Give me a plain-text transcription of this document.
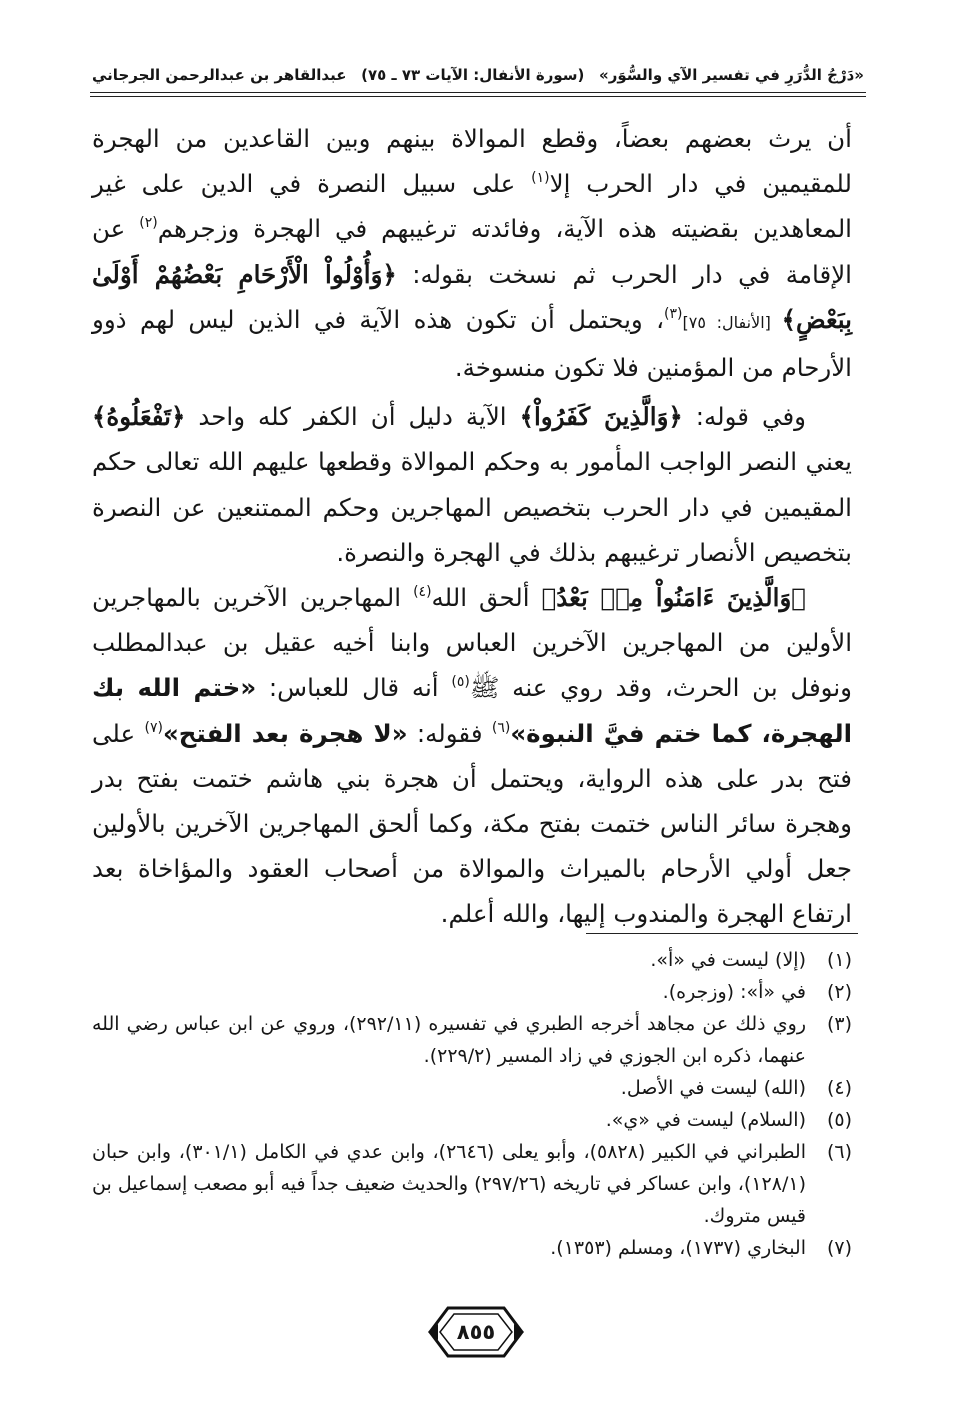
«دَرْجُ الدُّرَرِ في تفسير الآي والسُّوَر»
(سورة الأنفال: الآيات ٧٣ ـ ٧٥)
عبدالقاهر بن عبدالرحمن الجرجاني

أن يرث بعضهم بعضاً، وقطع الموالاة بينهم وبين القاعدين من الهجرة للمقيمين في دار الحرب إلا$^{(١)}$ على سبيل النصرة في الدين على غير المعاهدين بقضيته هذه الآية، وفائدته ترغيبهم في الهجرة وزجرهم$^{(٢)}$ عن الإقامة في دار الحرب ثم نسخت بقوله: ﴿وَأُوْلُواْ الْأَرْحَامِ بَعْضُهُمْ أَوْلَىٰ بِبَعْضٍ﴾ [الأنفال: ٧٥]$^{(٣)}$، ويحتمل أن تكون هذه الآية في الذين ليس لهم ذوو الأرحام من المؤمنين فلا تكون منسوخة.

وفي قوله: ﴿وَالَّذِينَ كَفَرُواْ﴾ الآية دليل أن الكفر كله واحد ﴿تَفْعَلُوهُ﴾ يعني النصر الواجب المأمور به وحكم الموالاة وقطعها عليهم الله تعالى حكم المقيمين في دار الحرب بتخصيص المهاجرين وحكم الممتنعين عن النصرة بتخصيص الأنصار ترغيبهم بذلك في الهجرة والنصرة.

﴿وَالَّذِينَ ءَامَنُواْ مِنۢ بَعْدُ﴾ ألحق الله$^{(٤)}$ المهاجرين الآخرين بالمهاجرين الأولين من المهاجرين الآخرين العباس وابنا أخيه عقيل بن عبدالمطلب ونوفل بن الحرث، وقد روي عنه ﷺ$^{(٥)}$ أنه قال للعباس: «ختم الله بك الهجرة، كما ختم فيَّ النبوة»$^{(٦)}$ فقوله: «لا هجرة بعد الفتح»$^{(٧)}$ على فتح بدر على هذه الرواية، ويحتمل أن هجرة بني هاشم ختمت بفتح بدر وهجرة سائر الناس ختمت بفتح مكة، وكما ألحق المهاجرين الآخرين بالأولين جعل أولي الأرحام بالميراث والموالاة من أصحاب العقود والمؤاخاة بعد ارتفاع الهجرة والمندوب إليها، والله أعلم.

(١)
(إلا) ليست في «أ».
(٢)
في «أ»: (وزجره).
(٣)
روي ذلك عن مجاهد أخرجه الطبري في تفسيره (٢٩٢/١١)، وروي عن ابن عباس رضي الله عنهما، ذكره ابن الجوزي في زاد المسير (٢٢٩/٢).
(٤)
(الله) ليست في الأصل.
(٥)
(السلام) ليست في «ي».
(٦)
الطبراني في الكبير (٥٨٢٨)، وأبو يعلى (٢٦٤٦)، وابن عدي في الكامل (٣٠١/١)، وابن حبان (١٢٨/١)، وابن عساكر في تاريخه (٢٩٧/٢٦) والحديث ضعيف جداً فيه أبو مصعب إسماعيل بن قيس متروك.
(٧)
البخاري (١٧٣٧)، ومسلم (١٣٥٣).
٨٥٥
